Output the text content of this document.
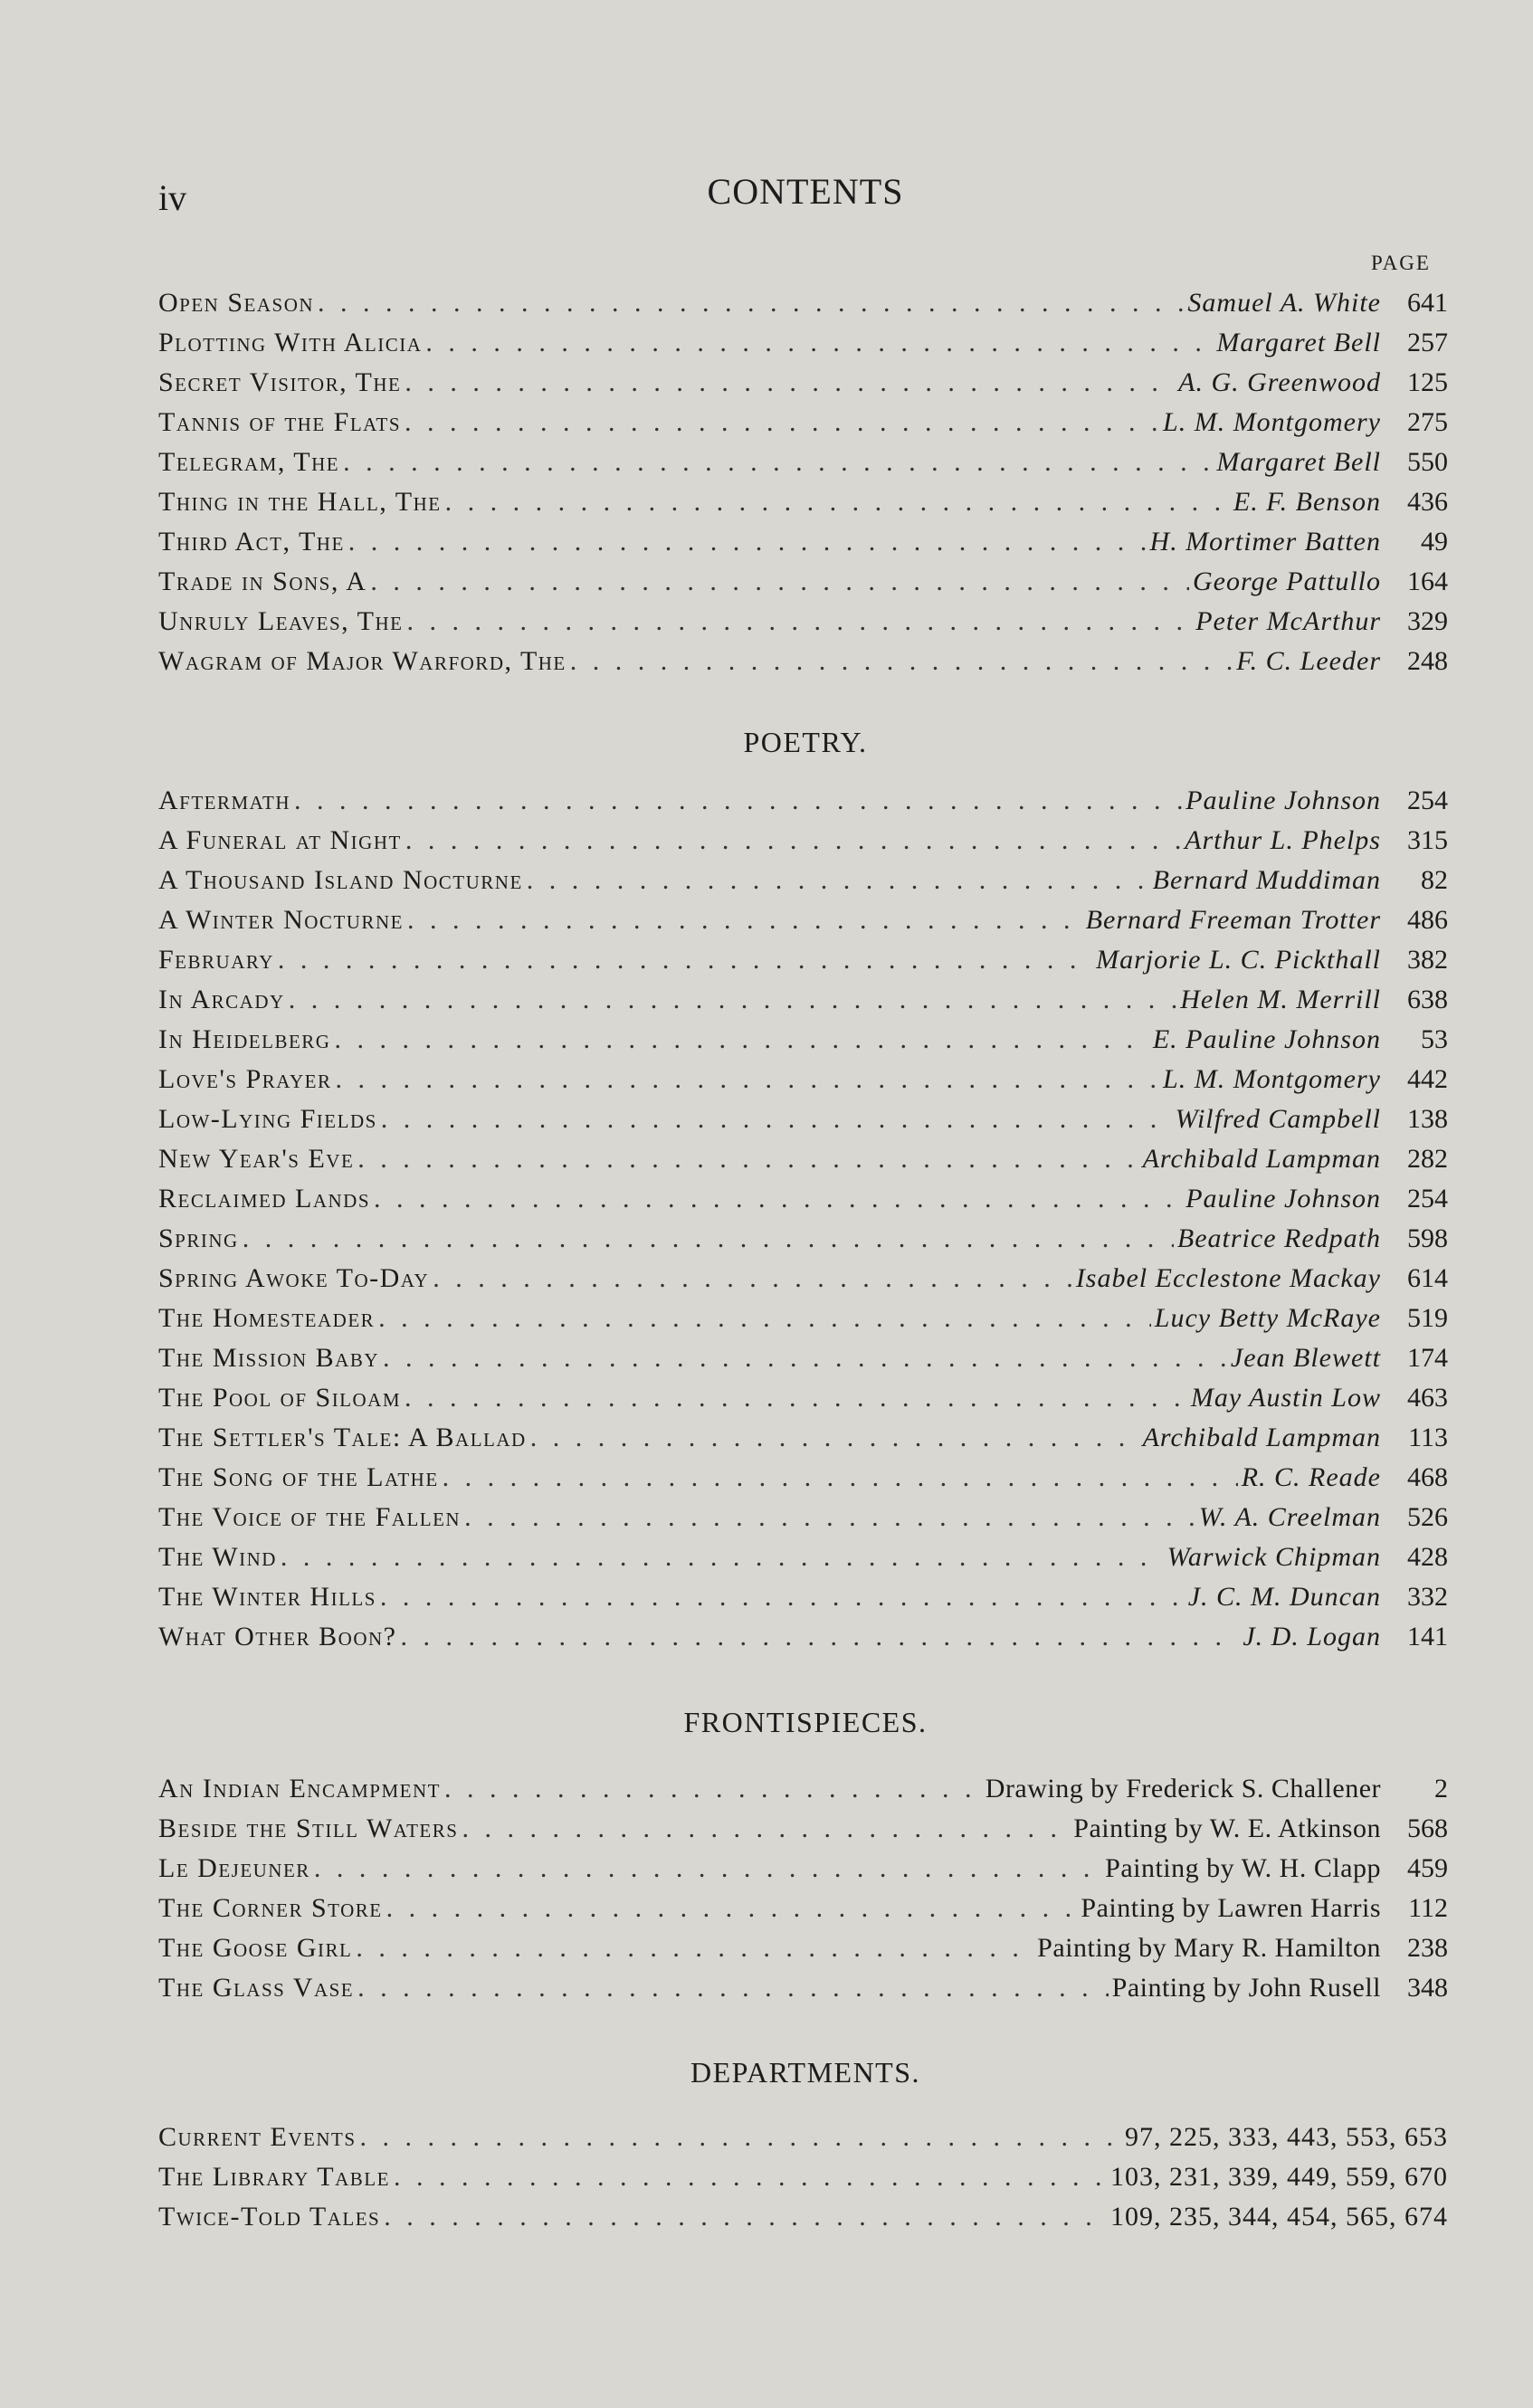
iv	CONTENTS
PAGE
Open Season . . .	Samuel A. White 641
Plotting With Alicia . . .	Margaret Bell 257
Secret Visitor, The . . .	A. G. Greenwood 125
Tannis of the Flats . . .	L. M. Montgomery 275
Telegram, The . . .	Margaret Bell 550
Thing in the Hall, The . . .	E. F. Benson 436
Third Act, The . . .	H. Mortimer Batten	49
Trade in Sons, A . . .	George Pattullo 164
Unruly Leaves, The . . .	Peter McArthur 329
Wagram of Major Warford, The . . .	F. C. Leeder 248
POETRY.
Aftermath . . .	Pauline Johnson 254
A Funeral at Night . . .	Arthur L. Phelps 315
A Thousand Island Nocturne . . .	Bernard Muddiman	82
A Winter Nocturne . . .	Bernard Freeman Trotter 486
February . . .	Marjorie L. C. Pickthall 382
In Arcady . . .	Helen M. Merrill 638
In Heidelberg . . .	E. Pauline Johnson	53
Love's Prayer . . .	L. M. Montgomery 442
Low-Lying Fields . . .	Wilfred Campbell 138
New Year's Eve . . .	Archibald Lampman 282
Reclaimed Lands . . .	Pauline Johnson 254
Spring . . .	Beatrice Redpath 598
Spring Awoke To-Day . . .	Isabel Ecclestone Mackay 614
The Homesteader . . .	Lucy Betty McRaye 519
The Mission Baby . . .	Jean Blewett 174
The Pool of Siloam . . .	May Austin Low 463
The Settler's Tale: A Ballad . . .	Archibald Lampman	113
The Song of the Lathe . . .	R. C. Reade 468
The Voice of the Fallen . . .	W. A. Creelman 526
The Wind . . .	Warwick Chipman 428
The Winter Hills . . .	J. C. M. Duncan 332
What Other Boon? . . .	J. D. Logan 141
FRONTISPIECES.
An Indian Encampment . . .	Drawing by Frederick S. Challener	2
Beside the Still Waters . . .	Painting by W. E. Atkinson 568
Le Dejeuner . . .	Painting by W. H. Clapp 459
The Corner Store . . .	Painting by Lawren Harris	112
The Goose Girl . . .	Painting by Mary R. Hamilton 238
The Glass Vase . . .	Painting by John Rusell 348
DEPARTMENTS.
Current Events . . .	97, 225, 333, 443, 553, 653
The Library Table . . .	103, 231, 339, 449, 559, 670
Twice-Told Tales . . .	109, 235, 344, 454, 565, 674
